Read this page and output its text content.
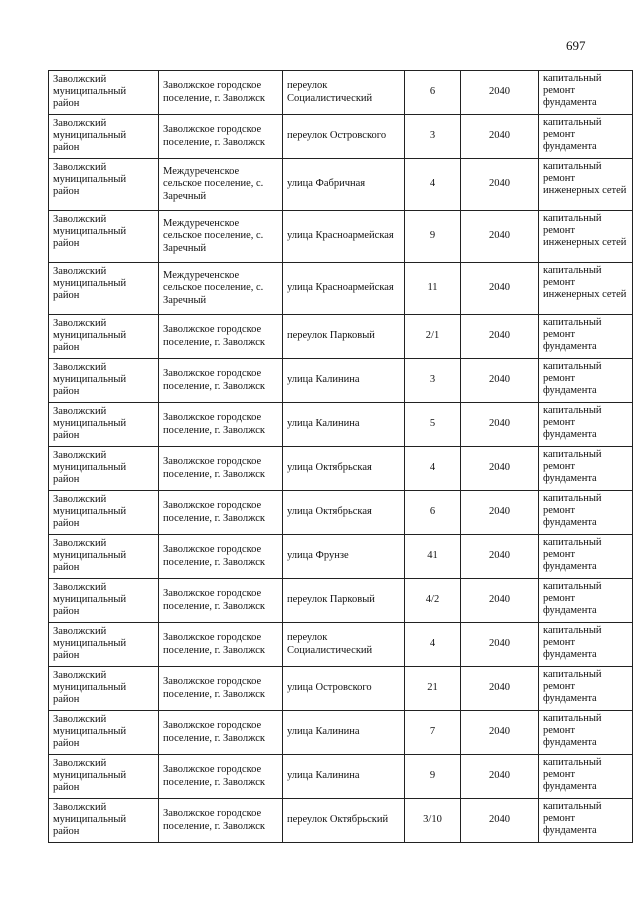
697
Заволжский муниципальный район	Заволжское городское поселение, г. Заволжск	переулок Социалистический	6	2040	капитальный ремонт фундамента
Заволжский муниципальный район	Заволжское городское поселение, г. Заволжск	переулок Островского	3	2040	капитальный ремонт фундамента
Заволжский муниципальный район	Междуреченское сельское поселение, с. Заречный	улица Фабричная	4	2040	капитальный ремонт инженерных сетей
Заволжский муниципальный район	Междуреченское сельское поселение, с. Заречный	улица Красноармейская	9	2040	капитальный ремонт инженерных сетей
Заволжский муниципальный район	Междуреченское сельское поселение, с. Заречный	улица Красноармейская	11	2040	капитальный ремонт инженерных сетей
Заволжский муниципальный район	Заволжское городское поселение, г. Заволжск	переулок Парковый	2/1	2040	капитальный ремонт фундамента
Заволжский муниципальный район	Заволжское городское поселение, г. Заволжск	улица Калинина	3	2040	капитальный ремонт фундамента
Заволжский муниципальный район	Заволжское городское поселение, г. Заволжск	улица Калинина	5	2040	капитальный ремонт фундамента
Заволжский муниципальный район	Заволжское городское поселение, г. Заволжск	улица Октябрьская	4	2040	капитальный ремонт фундамента
Заволжский муниципальный район	Заволжское городское поселение, г. Заволжск	улица Октябрьская	6	2040	капитальный ремонт фундамента
Заволжский муниципальный район	Заволжское городское поселение, г. Заволжск	улица Фрунзе	41	2040	капитальный ремонт фундамента
Заволжский муниципальный район	Заволжское городское поселение, г. Заволжск	переулок Парковый	4/2	2040	капитальный ремонт фундамента
Заволжский муниципальный район	Заволжское городское поселение, г. Заволжск	переулок Социалистический	4	2040	капитальный ремонт фундамента
Заволжский муниципальный район	Заволжское городское поселение, г. Заволжск	улица Островского	21	2040	капитальный ремонт фундамента
Заволжский муниципальный район	Заволжское городское поселение, г. Заволжск	улица Калинина	7	2040	капитальный ремонт фундамента
Заволжский муниципальный район	Заволжское городское поселение, г. Заволжск	улица Калинина	9	2040	капитальный ремонт фундамента
Заволжский муниципальный район	Заволжское городское поселение, г. Заволжск	переулок Октябрьский	3/10	2040	капитальный ремонт фундамента
